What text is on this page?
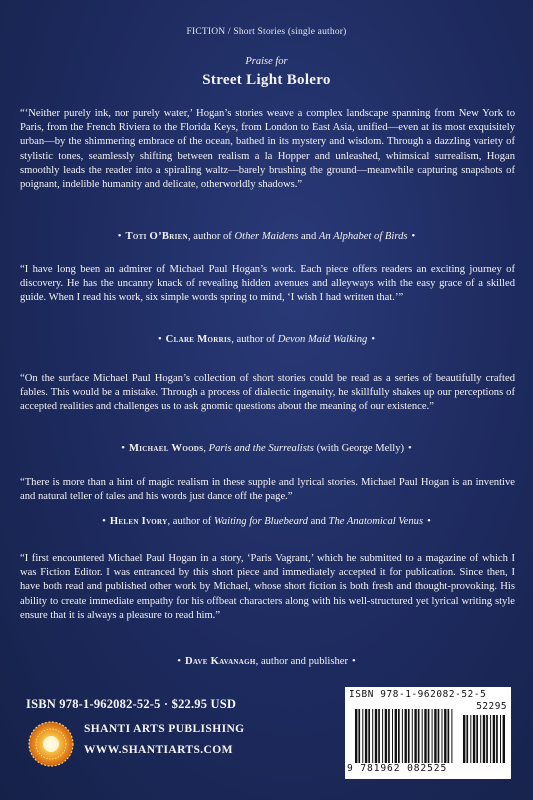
FICTION / Short Stories (single author)
Praise for
Street Light Bolero
“‘Neither purely ink, nor purely water,’ Hogan’s stories weave a complex landscape spanning from New York to Paris, from the French Riviera to the Florida Keys, from London to East Asia, unified—even at its most exquisitely urban—by the shimmering embrace of the ocean, bathed in its mystery and wisdom. Through a dazzling variety of stylistic tones, seamlessly shifting between realism a la Hopper and unleashed, whimsical surrealism, Hogan smoothly leads the reader into a spiraling waltz—barely brushing the ground—meanwhile capturing snapshots of poignant, indelible humanity and delicate, otherworldly shadows.”
• Toti O’Brien, author of Other Maidens and An Alphabet of Birds •
“I have long been an admirer of Michael Paul Hogan’s work. Each piece offers readers an exciting journey of discovery. He has the uncanny knack of revealing hidden avenues and alleyways with the easy grace of a skilled guide. When I read his work, six simple words spring to mind, ‘I wish I had written that.’”
• Clare Morris, author of Devon Maid Walking •
“On the surface Michael Paul Hogan’s collection of short stories could be read as a series of beautifully crafted fables. This would be a mistake. Through a process of dialectic ingenuity, he skillfully shakes up our perceptions of accepted realities and challenges us to ask gnomic questions about the meaning of our existence.”
• Michael Woods, Paris and the Surrealists (with George Melly) •
“There is more than a hint of magic realism in these supple and lyrical stories. Michael Paul Hogan is an inventive and natural teller of tales and his words just dance off the page.”
• Helen Ivory, author of Waiting for Bluebeard and The Anatomical Venus •
“I first encountered Michael Paul Hogan in a story, ‘Paris Vagrant,’ which he submitted to a magazine of which I was Fiction Editor. I was entranced by this short piece and immediately accepted it for publication. Since then, I have both read and published other work by Michael, whose short fiction is both fresh and thought-provoking. His ability to create immediate empathy for his offbeat characters along with his well-structured yet lyrical writing style ensure that it is always a pleasure to read him.”
• Dave Kavanagh, author and publisher •
ISBN 978-1-962082-52-5 · $22.95 USD
SHANTI ARTS PUBLISHING
WWW.SHANTIARTS.COM
ISBN 978-1-962082-52-5
52295
9 781962 082525
